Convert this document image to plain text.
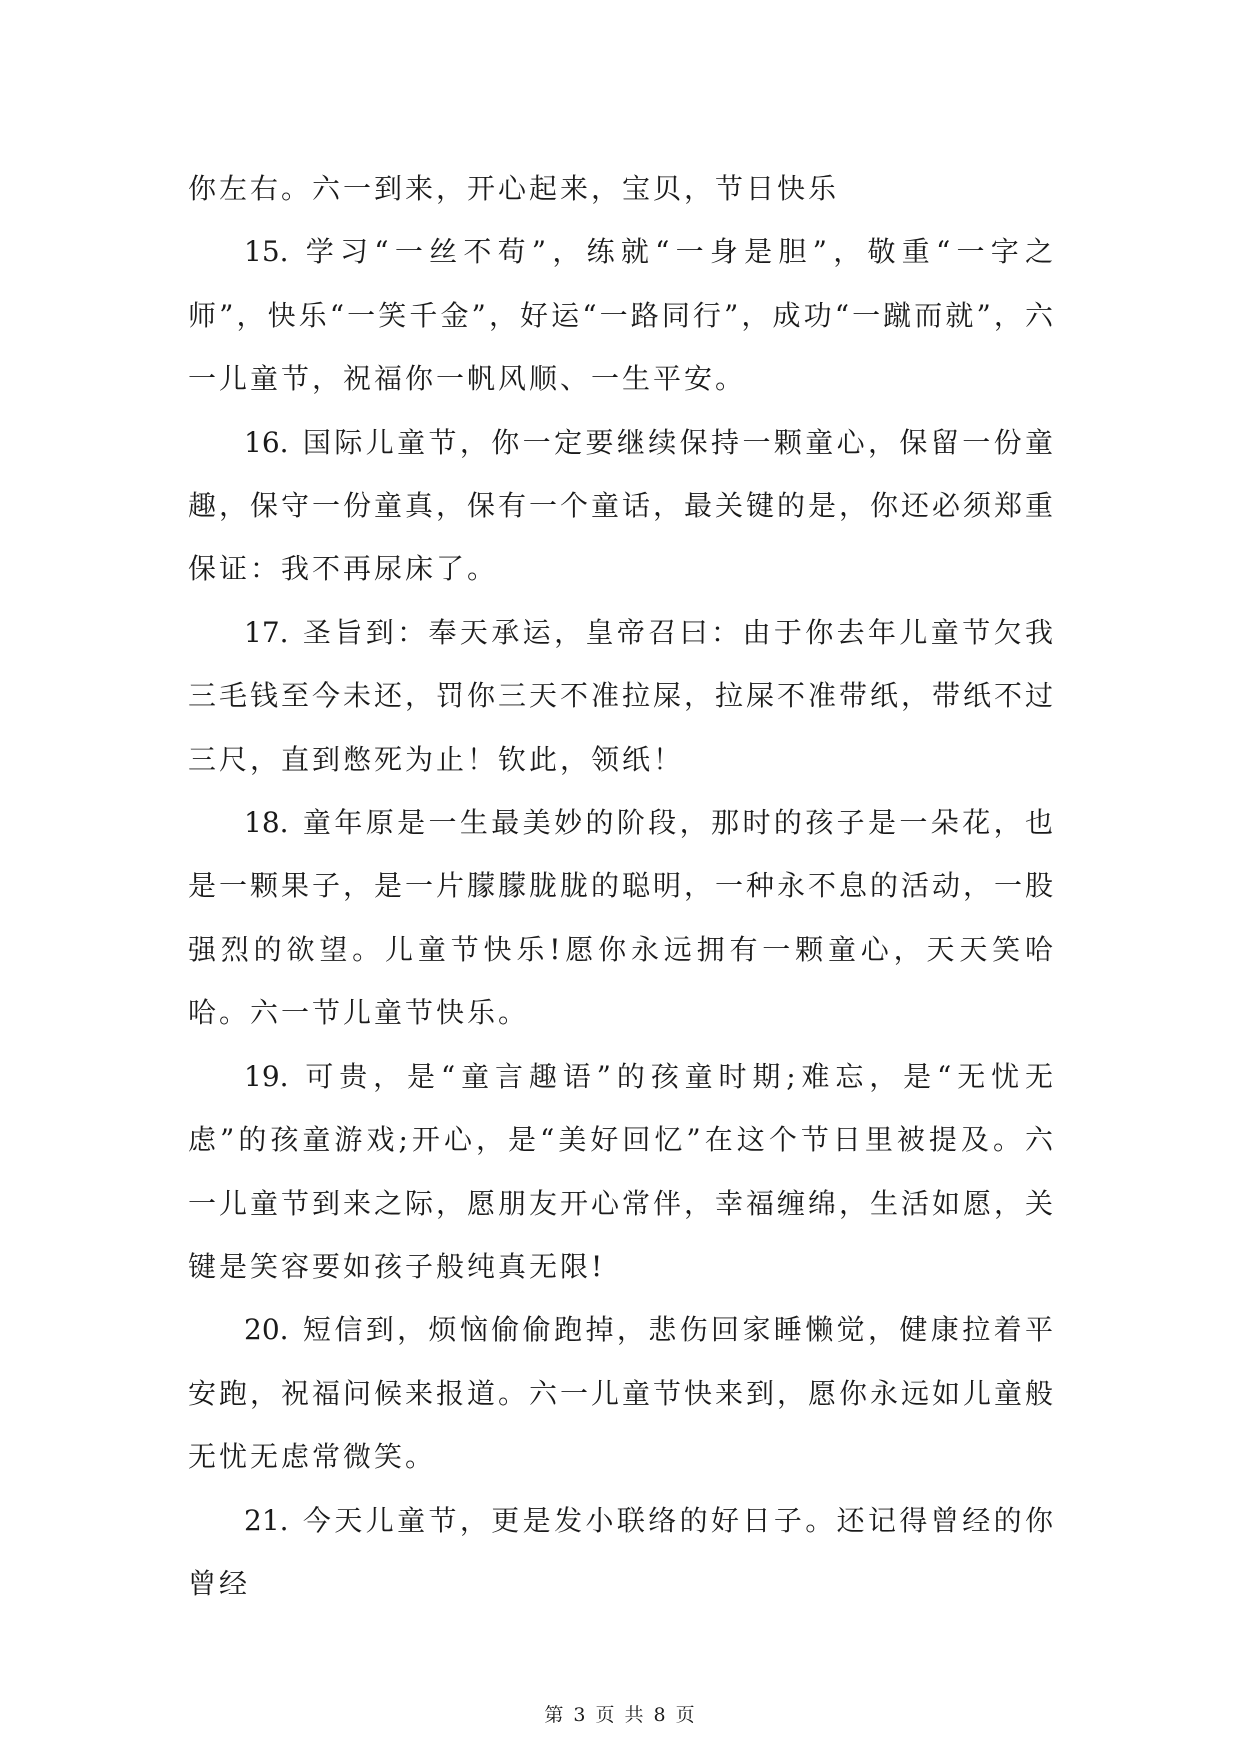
你左右。六一到来，开心起来，宝贝，节日快乐

15. 学习“一丝不苟”，练就“一身是胆”，敬重“一字之师”，快乐“一笑千金”，好运“一路同行”，成功“一蹴而就”，六一儿童节，祝福你一帆风顺、一生平安。

16. 国际儿童节，你一定要继续保持一颗童心，保留一份童趣，保守一份童真，保有一个童话，最关键的是，你还必须郑重保证：我不再尿床了。

17. 圣旨到：奉天承运，皇帝召曰：由于你去年儿童节欠我三毛钱至今未还，罚你三天不准拉屎，拉屎不准带纸，带纸不过三尺，直到憋死为止！钦此，领纸！

18. 童年原是一生最美妙的阶段，那时的孩子是一朵花，也是一颗果子，是一片朦朦胧胧的聪明，一种永不息的活动，一股强烈的欲望。儿童节快乐!愿你永远拥有一颗童心，天天笑哈哈。六一节儿童节快乐。

19. 可贵，是“童言趣语”的孩童时期;难忘，是“无忧无虑”的孩童游戏;开心，是“美好回忆”在这个节日里被提及。六一儿童节到来之际，愿朋友开心常伴，幸福缠绵，生活如愿，关键是笑容要如孩子般纯真无限!

20. 短信到，烦恼偷偷跑掉，悲伤回家睡懒觉，健康拉着平安跑，祝福问候来报道。六一儿童节快来到，愿你永远如儿童般无忧无虑常微笑。

21. 今天儿童节，更是发小联络的好日子。还记得曾经的你曾经

第 3 页 共 8 页
